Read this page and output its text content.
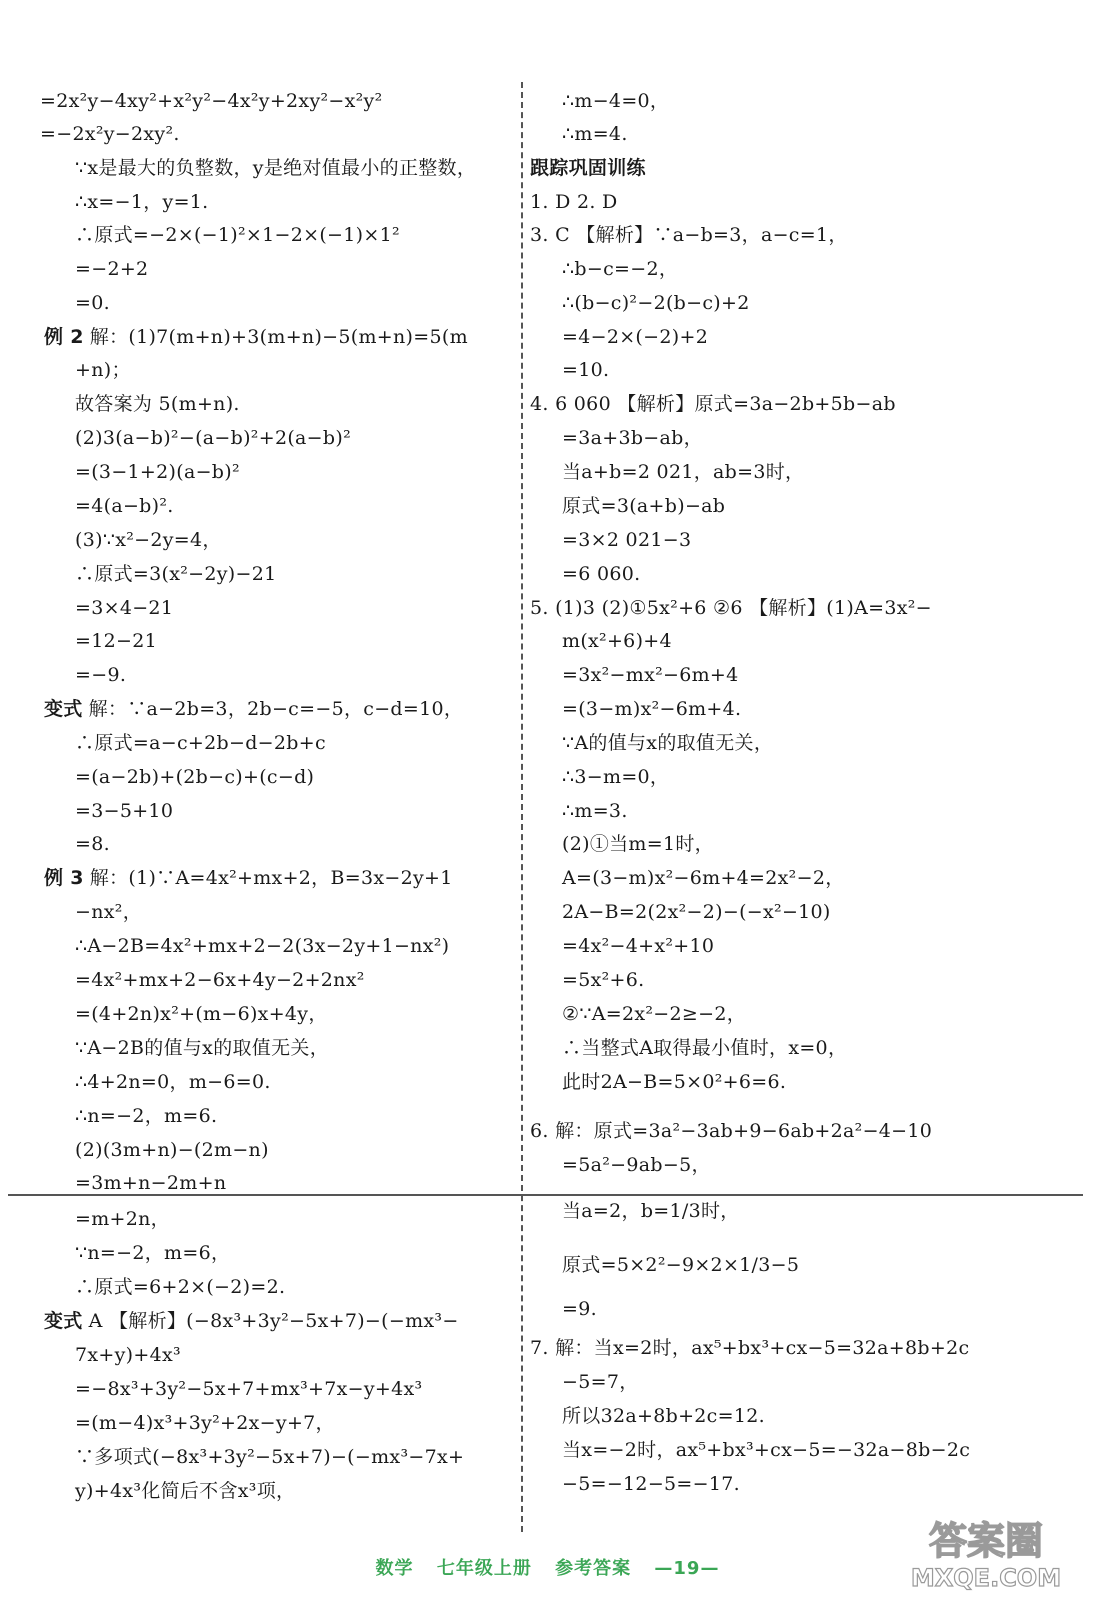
=2x²y−4xy²+x²y²−4x²y+2xy²−x²y²
=−2x²y−2xy².
∵x是最大的负整数，y是绝对值最小的正整数，
∴x=−1，y=1.
∴原式=−2×(−1)²×1−2×(−1)×1²
=−2+2
=0.
例 2 解：(1)7(m+n)+3(m+n)−5(m+n)=5(m
+n)；
故答案为 5(m+n).
(2)3(a−b)²−(a−b)²+2(a−b)²
=(3−1+2)(a−b)²
=4(a−b)².
(3)∵x²−2y=4，
∴原式=3(x²−2y)−21
=3×4−21
=12−21
=−9.
变式 解：∵a−2b=3，2b−c=−5，c−d=10，
∴原式=a−c+2b−d−2b+c
=(a−2b)+(2b−c)+(c−d)
=3−5+10
=8.
例 3 解：(1)∵A=4x²+mx+2，B=3x−2y+1
−nx²，
∴A−2B=4x²+mx+2−2(3x−2y+1−nx²)
=4x²+mx+2−6x+4y−2+2nx²
=(4+2n)x²+(m−6)x+4y，
∵A−2B的值与x的取值无关，
∴4+2n=0，m−6=0.
∴n=−2，m=6.
(2)(3m+n)−(2m−n)
=3m+n−2m+n
=m+2n，
∵n=−2，m=6，
∴原式=6+2×(−2)=2.
变式 A 【解析】(−8x³+3y²−5x+7)−(−mx³−
7x+y)+4x³
=−8x³+3y²−5x+7+mx³+7x−y+4x³
=(m−4)x³+3y²+2x−y+7，
∵多项式(−8x³+3y²−5x+7)−(−mx³−7x+
y)+4x³化简后不含x³项，
∴m−4=0，
∴m=4.
跟踪巩固训练
1. D 2. D
3. C 【解析】∵a−b=3，a−c=1，
∴b−c=−2，
∴(b−c)²−2(b−c)+2
=4−2×(−2)+2
=10.
4. 6 060 【解析】原式=3a−2b+5b−ab
=3a+3b−ab，
当a+b=2 021，ab=3时，
原式=3(a+b)−ab
=3×2 021−3
=6 060.
5. (1)3 (2)①5x²+6 ②6 【解析】(1)A=3x²−
m(x²+6)+4
=3x²−mx²−6m+4
=(3−m)x²−6m+4.
∵A的值与x的取值无关，
∴3−m=0，
∴m=3.
(2)①当m=1时，
A=(3−m)x²−6m+4=2x²−2，
2A−B=2(2x²−2)−(−x²−10)
=4x²−4+x²+10
=5x²+6.
②∵A=2x²−2≥−2，
∴当整式A取得最小值时，x=0，
此时2A−B=5×0²+6=6.
6. 解：原式=3a²−3ab+9−6ab+2a²−4−10
=5a²−9ab−5，
当a=2，b=1/3时，
原式=5×2²−9×2×1/3−5
=9.
7. 解：当x=2时，ax⁵+bx³+cx−5=32a+8b+2c
−5=7，
所以32a+8b+2c=12.
当x=−2时，ax⁵+bx³+cx−5=−32a−8b−2c
−5=−12−5=−17.
数学 七年级上册 参考答案 —19—
答案圈
MXQE.COM
